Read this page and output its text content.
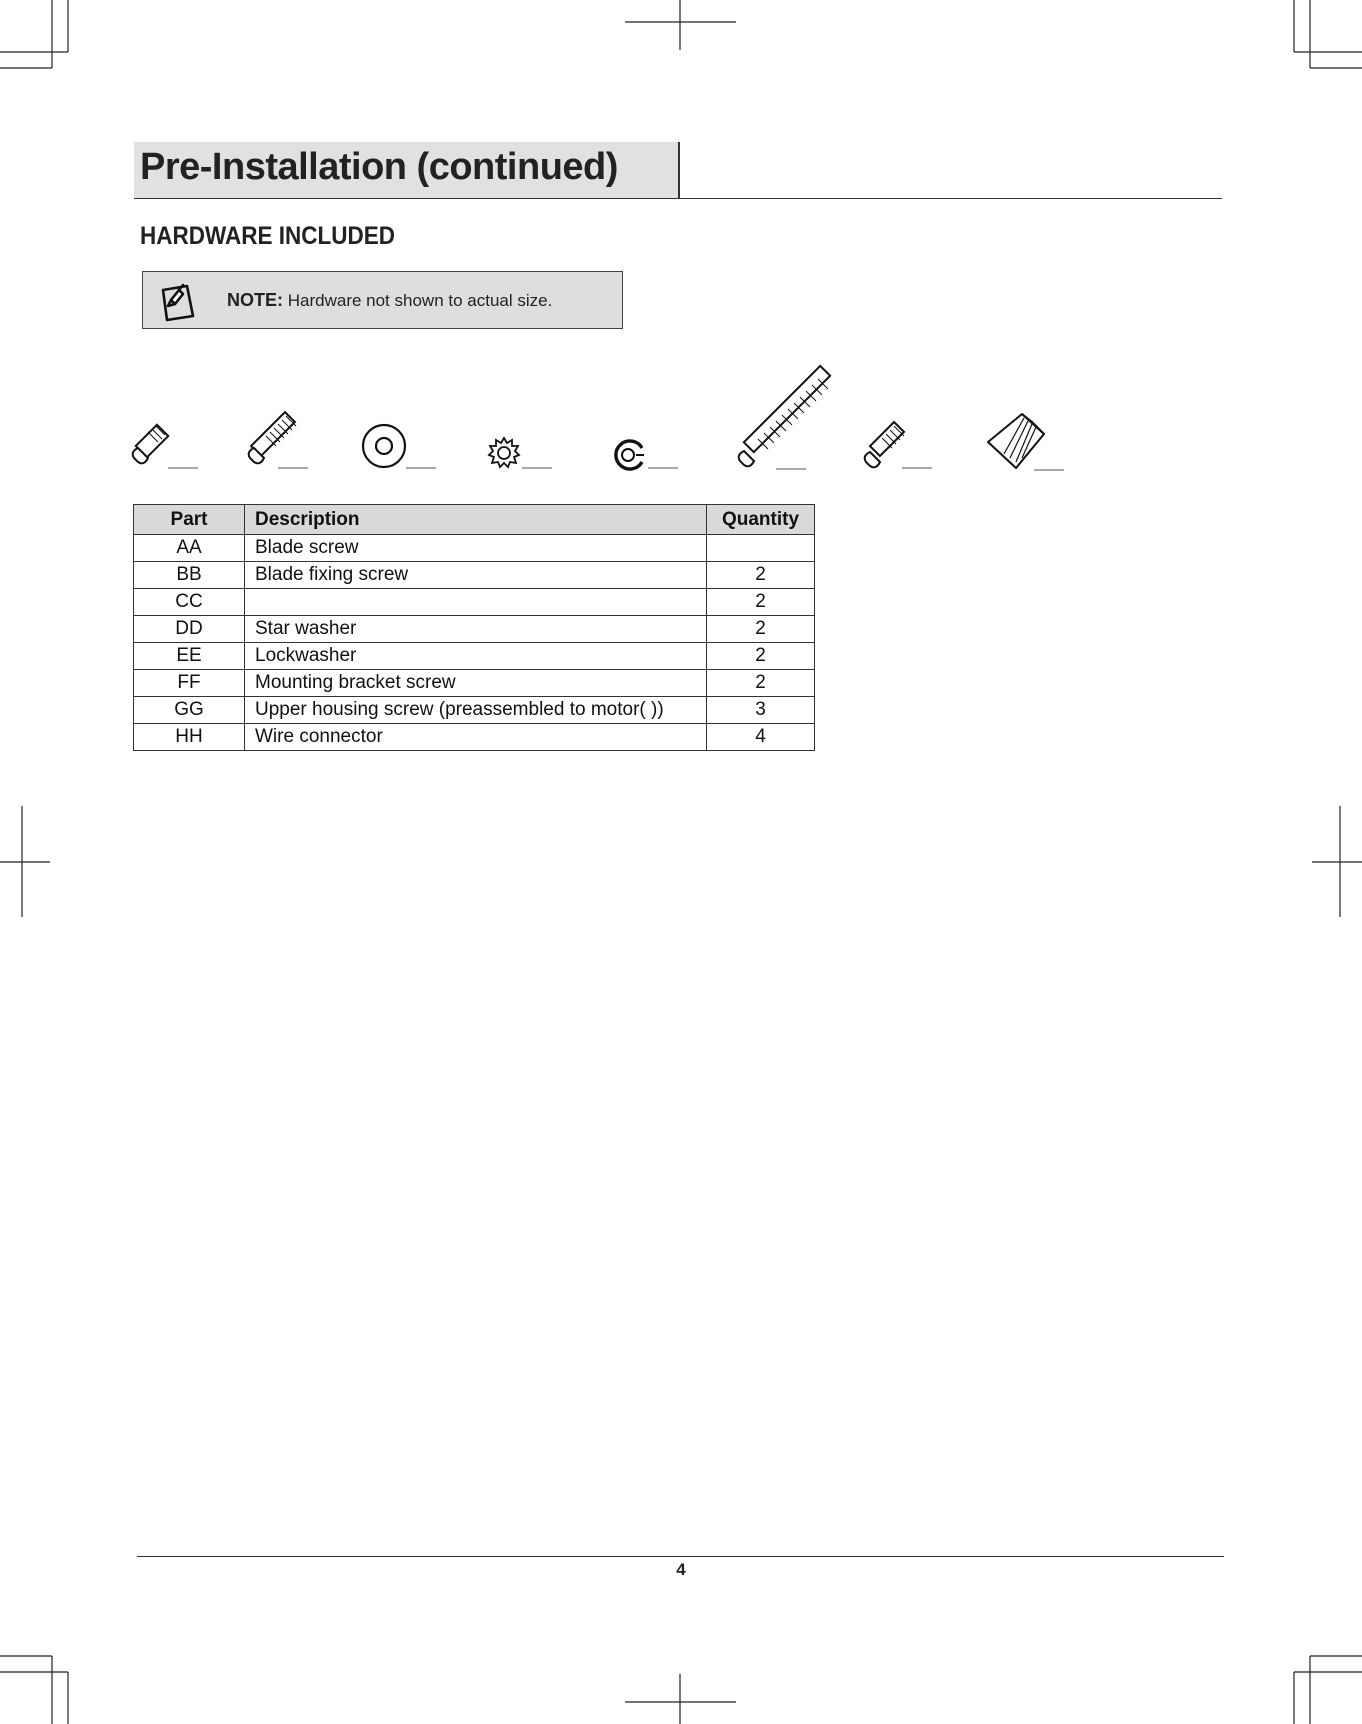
Pre-Installation (continued)
HARDWARE INCLUDED
NOTE: Hardware not shown to actual size.
Part	Description	Quantity
AA	Blade screw	
BB	Blade fixing screw	2
CC		2
DD	Star washer	2
EE	Lockwasher	2
FF	Mounting bracket screw	2
GG	Upper housing screw (preassembled to motor( ))	3
HH	Wire connector	4
4
